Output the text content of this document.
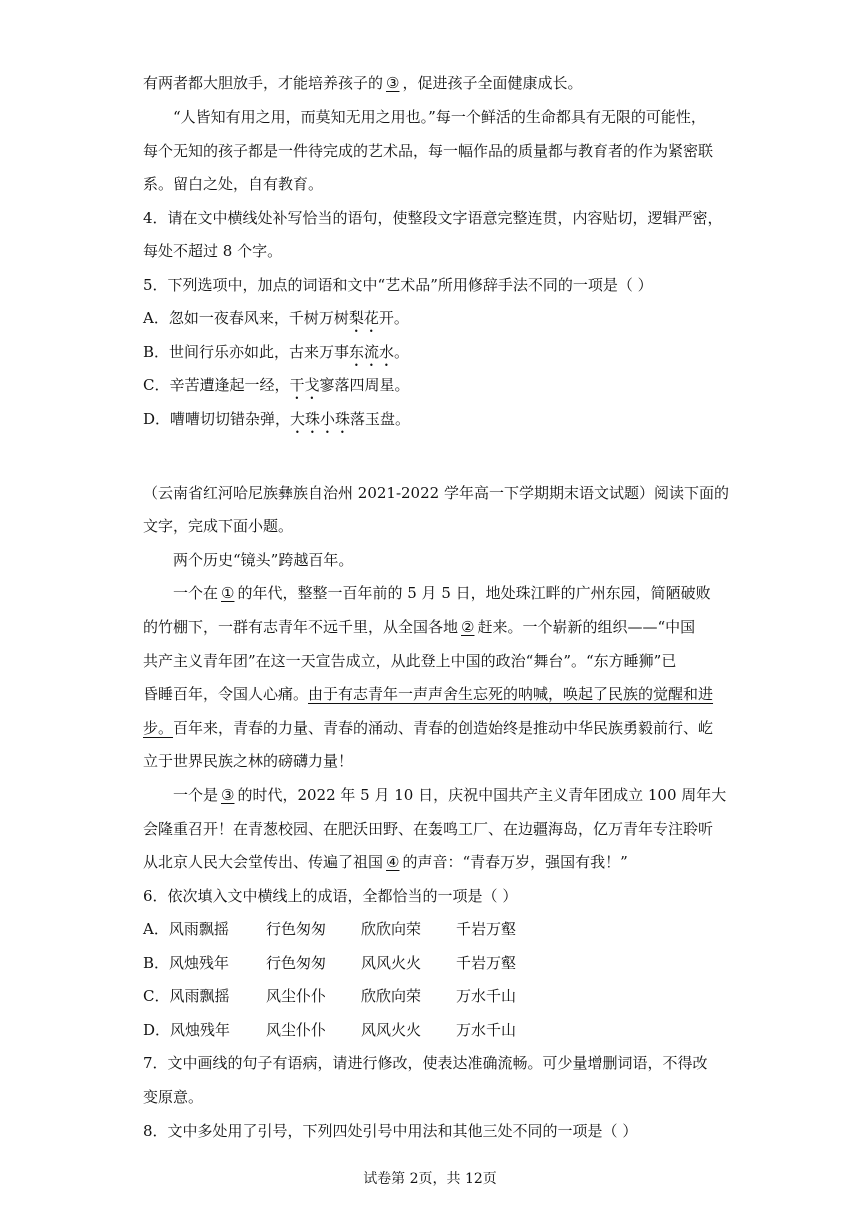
有两者都大胆放手，才能培养孩子的 ③ ，促进孩子全面健康成长。
“人皆知有用之用，而莫知无用之用也。”每一个鲜活的生命都具有无限的可能性，
每个无知的孩子都是一件待完成的艺术品，每一幅作品的质量都与教育者的作为紧密联
系。留白之处，自有教育。
4．请在文中横线处补写恰当的语句，使整段文字语意完整连贯，内容贴切，逻辑严密，
每处不超过 8 个字。
5．下列选项中，加点的词语和文中“艺术品”所用修辞手法不同的一项是（ ）
A．忽如一夜春风来，千树万树梨花开。
B．世间行乐亦如此，古来万事东流水。
C．辛苦遭逢起一经，干戈寥落四周星。
D．嘈嘈切切错杂弹，大珠小珠落玉盘。
（云南省红河哈尼族彝族自治州 2021-2022 学年高一下学期期末语文试题）阅读下面的
文字，完成下面小题。
两个历史“镜头”跨越百年。
一个在 ① 的年代，整整一百年前的 5 月 5 日，地处珠江畔的广州东园，简陋破败
的竹棚下，一群有志青年不远千里，从全国各地 ② 赶来。一个崭新的组织——“中国
共产主义青年团”在这一天宣告成立，从此登上中国的政治“舞台”。“东方睡狮”已
昏睡百年，令国人心痛。由于有志青年一声声舍生忘死的呐喊，唤起了民族的觉醒和进
步。百年来，青春的力量、青春的涌动、青春的创造始终是推动中华民族勇毅前行、屹
立于世界民族之林的磅礴力量！
一个是 ③ 的时代，2022 年 5 月 10 日，庆祝中国共产主义青年团成立 100 周年大
会隆重召开！在青葱校园、在肥沃田野、在轰鸣工厂、在边疆海岛，亿万青年专注聆听
从北京人民大会堂传出、传遍了祖国 ④ 的声音：“青春万岁，强国有我！”
6．依次填入文中横线上的成语，全都恰当的一项是（ ）
A．风雨飘摇 行色匆匆 欣欣向荣 千岩万壑
B．风烛残年 行色匆匆 风风火火 千岩万壑
C．风雨飘摇 风尘仆仆 欣欣向荣 万水千山
D．风烛残年 风尘仆仆 风风火火 万水千山
7．文中画线的句子有语病，请进行修改，使表达准确流畅。可少量增删词语，不得改
变原意。
8．文中多处用了引号，下列四处引号中用法和其他三处不同的一项是（ ）
试卷第 2页，共 12页
